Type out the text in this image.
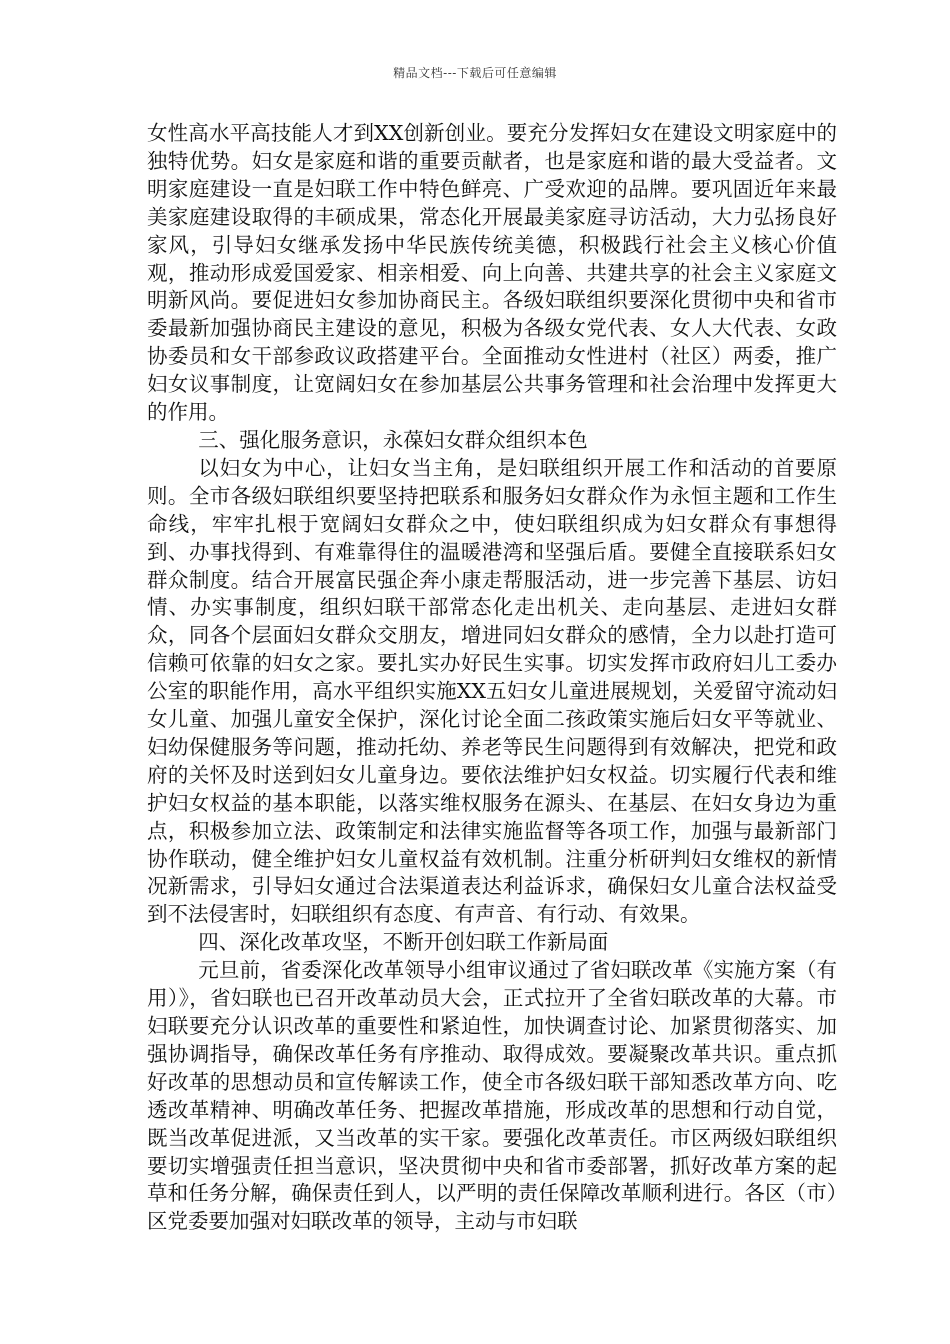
精品文档---下载后可任意编辑

女性高水平高技能人才到XX创新创业。要充分发挥妇女在建设文明家庭中的独特优势。妇女是家庭和谐的重要贡献者，也是家庭和谐的最大受益者。文明家庭建设一直是妇联工作中特色鲜亮、广受欢迎的品牌。要巩固近年来最美家庭建设取得的丰硕成果，常态化开展最美家庭寻访活动，大力弘扬良好家风，引导妇女继承发扬中华民族传统美德，积极践行社会主义核心价值观，推动形成爱国爱家、相亲相爱、向上向善、共建共享的社会主义家庭文明新风尚。要促进妇女参加协商民主。各级妇联组织要深化贯彻中央和省市委最新加强协商民主建设的意见，积极为各级女党代表、女人大代表、女政协委员和女干部参政议政搭建平台。全面推动女性进村（社区）两委，推广妇女议事制度，让宽阔妇女在参加基层公共事务管理和社会治理中发挥更大的作用。

三、强化服务意识，永葆妇女群众组织本色

以妇女为中心，让妇女当主角，是妇联组织开展工作和活动的首要原则。全市各级妇联组织要坚持把联系和服务妇女群众作为永恒主题和工作生命线，牢牢扎根于宽阔妇女群众之中，使妇联组织成为妇女群众有事想得到、办事找得到、有难靠得住的温暖港湾和坚强后盾。要健全直接联系妇女群众制度。结合开展富民强企奔小康走帮服活动，进一步完善下基层、访妇情、办实事制度，组织妇联干部常态化走出机关、走向基层、走进妇女群众，同各个层面妇女群众交朋友，增进同妇女群众的感情，全力以赴打造可信赖可依靠的妇女之家。要扎实办好民生实事。切实发挥市政府妇儿工委办公室的职能作用，高水平组织实施XX五妇女儿童进展规划，关爱留守流动妇女儿童、加强儿童安全保护，深化讨论全面二孩政策实施后妇女平等就业、妇幼保健服务等问题，推动托幼、养老等民生问题得到有效解决，把党和政府的关怀及时送到妇女儿童身边。要依法维护妇女权益。切实履行代表和维护妇女权益的基本职能，以落实维权服务在源头、在基层、在妇女身边为重点，积极参加立法、政策制定和法律实施监督等各项工作，加强与最新部门协作联动，健全维护妇女儿童权益有效机制。注重分析研判妇女维权的新情况新需求，引导妇女通过合法渠道表达利益诉求，确保妇女儿童合法权益受到不法侵害时，妇联组织有态度、有声音、有行动、有效果。

四、深化改革攻坚，不断开创妇联工作新局面

元旦前，省委深化改革领导小组审议通过了省妇联改革《实施方案（有用）》，省妇联也已召开改革动员大会，正式拉开了全省妇联改革的大幕。市妇联要充分认识改革的重要性和紧迫性，加快调查讨论、加紧贯彻落实、加强协调指导，确保改革任务有序推动、取得成效。要凝聚改革共识。重点抓好改革的思想动员和宣传解读工作，使全市各级妇联干部知悉改革方向、吃透改革精神、明确改革任务、把握改革措施，形成改革的思想和行动自觉，既当改革促进派，又当改革的实干家。要强化改革责任。市区两级妇联组织要切实增强责任担当意识，坚决贯彻中央和省市委部署，抓好改革方案的起草和任务分解，确保责任到人，以严明的责任保障改革顺利进行。各区（市）区党委要加强对妇联改革的领导，主动与市妇联
